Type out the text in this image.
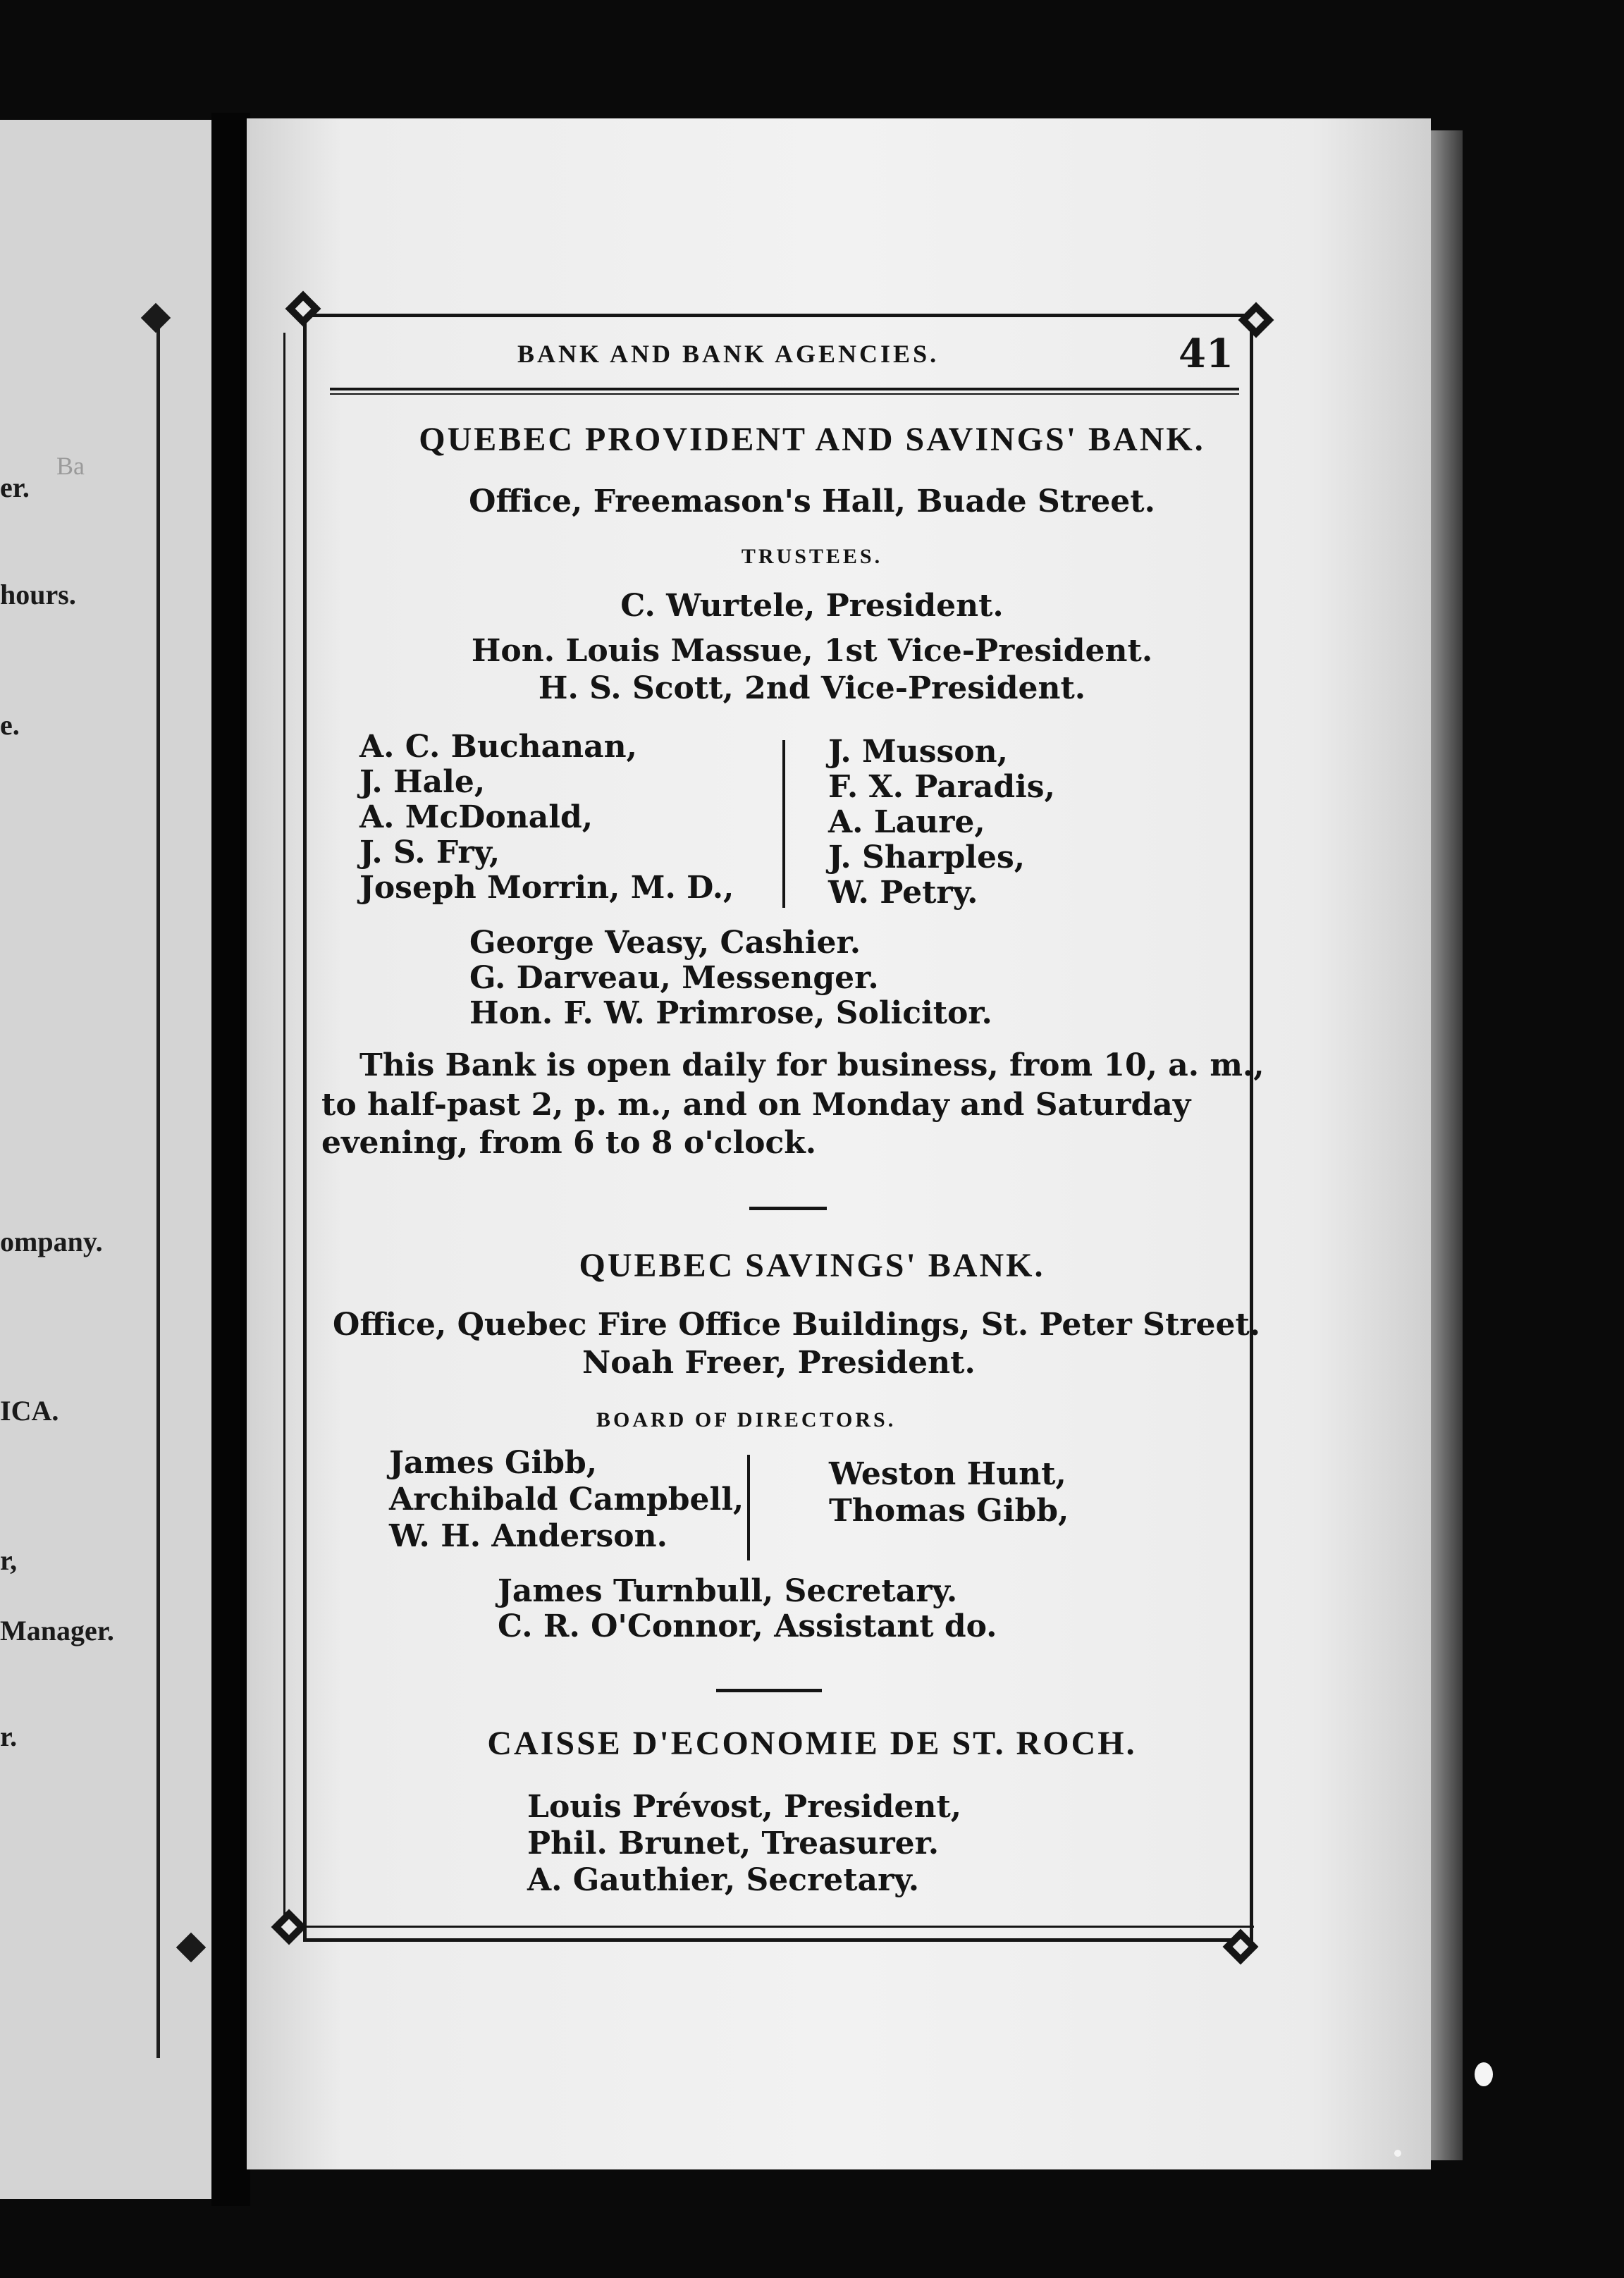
Ba
er.
hours.
e.
ompany.
ICA.
r,
Manager.
r.
BANK AND BANK AGENCIES.	41
QUEBEC PROVIDENT AND SAVINGS' BANK.
Office, Freemason's Hall, Buade Street.
TRUSTEES.
C. Wurtele, President.
Hon. Louis Massue, 1st Vice-President.
H. S. Scott, 2nd Vice-President.
A. C. Buchanan,
J. Hale,
A. McDonald,
J. S. Fry,
Joseph Morrin, M. D.,
J. Musson,
F. X. Paradis,
A. Laure,
J. Sharples,
W. Petry.
George Veasy, Cashier.
G. Darveau, Messenger.
Hon. F. W. Primrose, Solicitor.
This Bank is open daily for business, from 10, a. m.,
to half-past 2, p. m., and on Monday and Saturday
evening, from 6 to 8 o'clock.
QUEBEC SAVINGS' BANK.
Office, Quebec Fire Office Buildings, St. Peter Street.
Noah Freer, President.
BOARD OF DIRECTORS.
James Gibb,
Archibald Campbell,
W. H. Anderson.
Weston Hunt,
Thomas Gibb,
James Turnbull, Secretary.
C. R. O'Connor, Assistant do.
CAISSE D'ECONOMIE DE ST. ROCH.
Louis Prévost, President,
Phil. Brunet, Treasurer.
A. Gauthier, Secretary.
